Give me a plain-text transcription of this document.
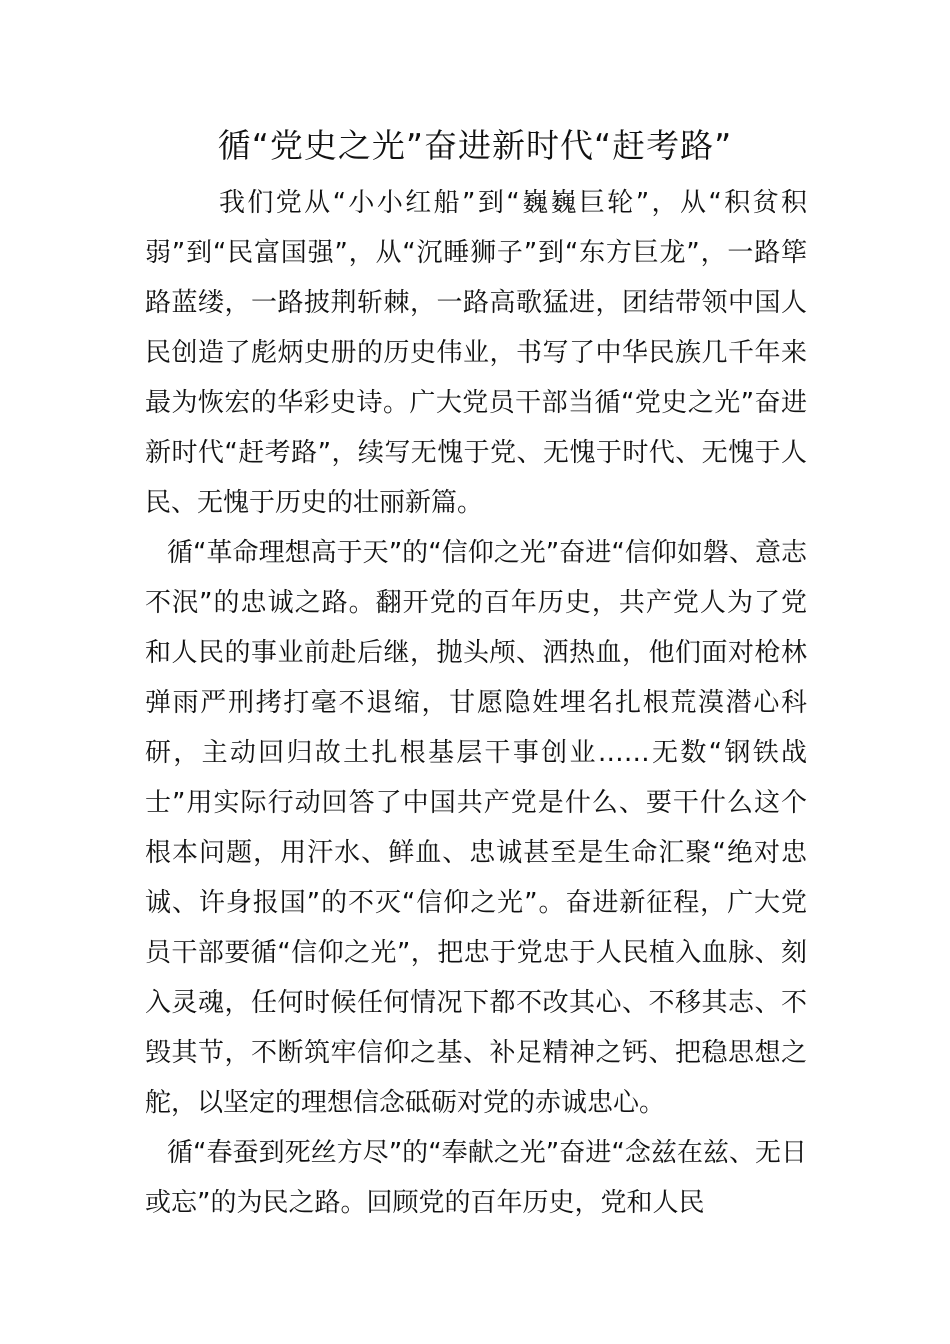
循“党史之光”奋进新时代“赶考路”

我们党从“小小红船”到“巍巍巨轮”，从“积贫积弱”到“民富国强”，从“沉睡狮子”到“东方巨龙”，一路筚路蓝缕，一路披荆斩棘，一路高歌猛进，团结带领中国人民创造了彪炳史册的历史伟业，书写了中华民族几千年来最为恢宏的华彩史诗。广大党员干部当循“党史之光”奋进新时代“赶考路”，续写无愧于党、无愧于时代、无愧于人民、无愧于历史的壮丽新篇。

循“革命理想高于天”的“信仰之光”奋进“信仰如磐、意志不泯”的忠诚之路。翻开党的百年历史，共产党人为了党和人民的事业前赴后继，抛头颅、洒热血，他们面对枪林弹雨严刑拷打毫不退缩，甘愿隐姓埋名扎根荒漠潜心科研，主动回归故土扎根基层干事创业……无数“钢铁战士”用实际行动回答了中国共产党是什么、要干什么这个根本问题，用汗水、鲜血、忠诚甚至是生命汇聚“绝对忠诚、许身报国”的不灭“信仰之光”。奋进新征程，广大党员干部要循“信仰之光”，把忠于党忠于人民植入血脉、刻入灵魂，任何时候任何情况下都不改其心、不移其志、不毁其节，不断筑牢信仰之基、补足精神之钙、把稳思想之舵，以坚定的理想信念砥砺对党的赤诚忠心。

循“春蚕到死丝方尽”的“奉献之光”奋进“念兹在兹、无日或忘”的为民之路。回顾党的百年历史，党和人民
